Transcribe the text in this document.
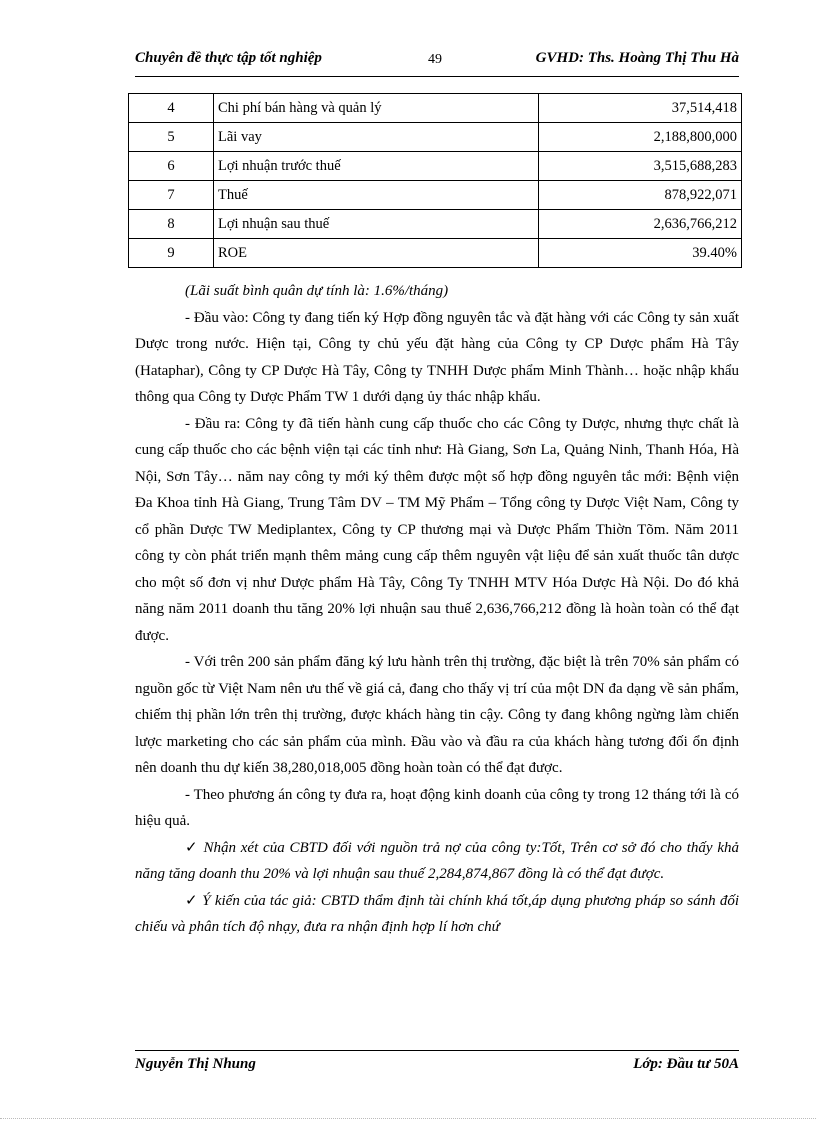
Chuyên đề thực tập tốt nghiệp	49	GVHD: Ths. Hoàng Thị Thu Hà
4	Chi phí bán hàng và quản lý	37,514,418
5	Lãi vay	2,188,800,000
6	Lợi nhuận trước thuế	3,515,688,283
7	Thuế	878,922,071
8	Lợi nhuận sau thuế	2,636,766,212
9	ROE	39.40%

(Lãi suất bình quân dự tính là: 1.6%/tháng)

- Đầu vào: Công ty đang tiến ký Hợp đồng nguyên tắc và đặt hàng với các Công ty sản xuất Dược trong nước. Hiện tại, Công ty chủ yếu đặt hàng của Công ty CP Dược phẩm Hà Tây (Hataphar), Công ty CP Dược Hà Tây, Công ty TNHH Dược phẩm Minh Thành… hoặc nhập khẩu thông qua Công ty Dược Phẩm TW 1 dưới dạng ủy thác nhập khẩu.

- Đầu ra: Công ty đã tiến hành cung cấp thuốc cho các Công ty Dược, nhưng thực chất là cung cấp thuốc cho các bệnh viện tại các tỉnh như: Hà Giang, Sơn La, Quảng Ninh, Thanh Hóa, Hà Nội, Sơn Tây… năm nay công ty mới ký thêm được một số hợp đồng nguyên tắc mới: Bệnh viện Đa Khoa tỉnh Hà Giang, Trung Tâm DV – TM Mỹ Phẩm – Tổng công ty Dược Việt Nam, Công ty cổ phần Dược TW Mediplantex, Công ty CP thương mại và Dược Phẩm Thiờn Tõm. Năm 2011 công ty còn phát triển mạnh thêm mảng cung cấp thêm nguyên vật liệu để sản xuất thuốc tân dược cho một số đơn vị như Dược phẩm Hà Tây, Công Ty TNHH MTV Hóa Dược Hà Nội. Do đó khả năng năm 2011 doanh thu tăng 20% lợi nhuận sau thuế 2,636,766,212 đồng là hoàn toàn có thể đạt được.

- Với trên 200 sản phẩm đăng ký lưu hành trên thị trường, đặc biệt là trên 70% sản phẩm có nguồn gốc từ Việt Nam nên ưu thế về giá cả, đang cho thấy vị trí của một DN đa dạng về sản phẩm, chiếm thị phần lớn trên thị trường, được khách hàng tin cậy. Công ty đang không ngừng làm chiến lược marketing cho các sản phẩm của mình. Đầu vào và đầu ra của khách hàng tương đối ổn định nên doanh thu dự kiến 38,280,018,005 đồng hoàn toàn có thể đạt được.

- Theo phương án công ty đưa ra, hoạt động kinh doanh của công ty trong 12 tháng tới là có hiệu quả.

✓ Nhận xét của CBTD đối với nguồn trả nợ của công ty:Tốt, Trên cơ sở đó cho thấy khả năng tăng doanh thu 20% và lợi nhuận sau thuế 2,284,874,867 đồng là có thể đạt được.

✓ Ý kiến của tác giả: CBTD thẩm định tài chính khá tốt,áp dụng phương pháp so sánh đối chiếu và phân tích độ nhạy, đưa ra nhận định hợp lí hơn chứ

Nguyễn Thị Nhung	Lớp: Đầu tư 50A
